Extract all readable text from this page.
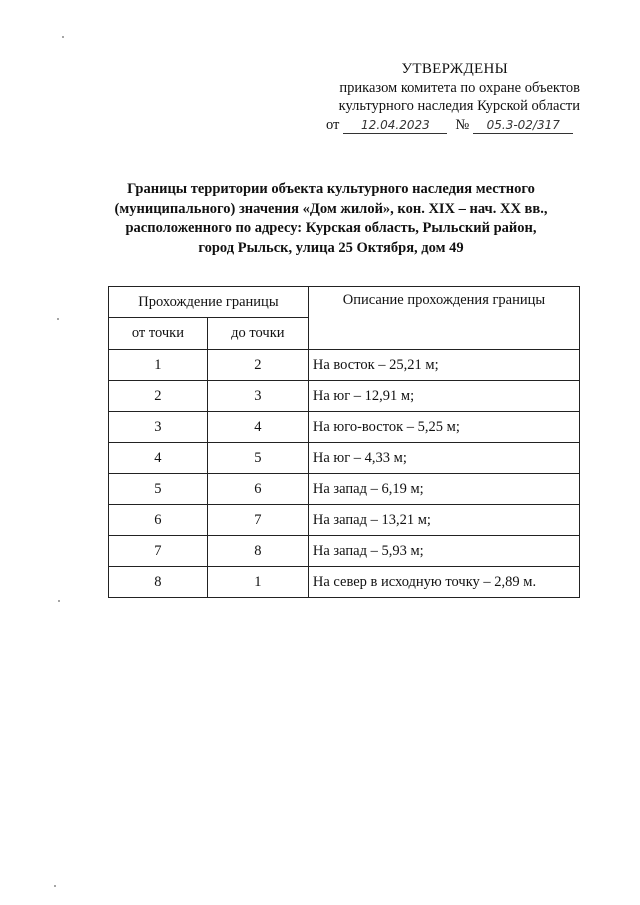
УТВЕРЖДЕНЫ
приказом комитета по охране объектов
культурного наследия Курской области
от	12.04.2023	№	05.3-02/317
Границы территории объекта культурного наследия местного
(муниципального) значения «Дом жилой», кон. XIX – нач. XX вв.,
расположенного по адресу: Курская область, Рыльский район,
город Рыльск, улица 25 Октября, дом 49
Прохождение границы		Описание прохождения границы
от точки	до точки	
1	2	На восток – 25,21 м;
2	3	На юг – 12,91 м;
3	4	На юго-восток – 5,25 м;
4	5	На юг – 4,33 м;
5	6	На запад – 6,19 м;
6	7	На запад – 13,21 м;
7	8	На запад – 5,93 м;
8	1	На север в исходную точку – 2,89 м.
